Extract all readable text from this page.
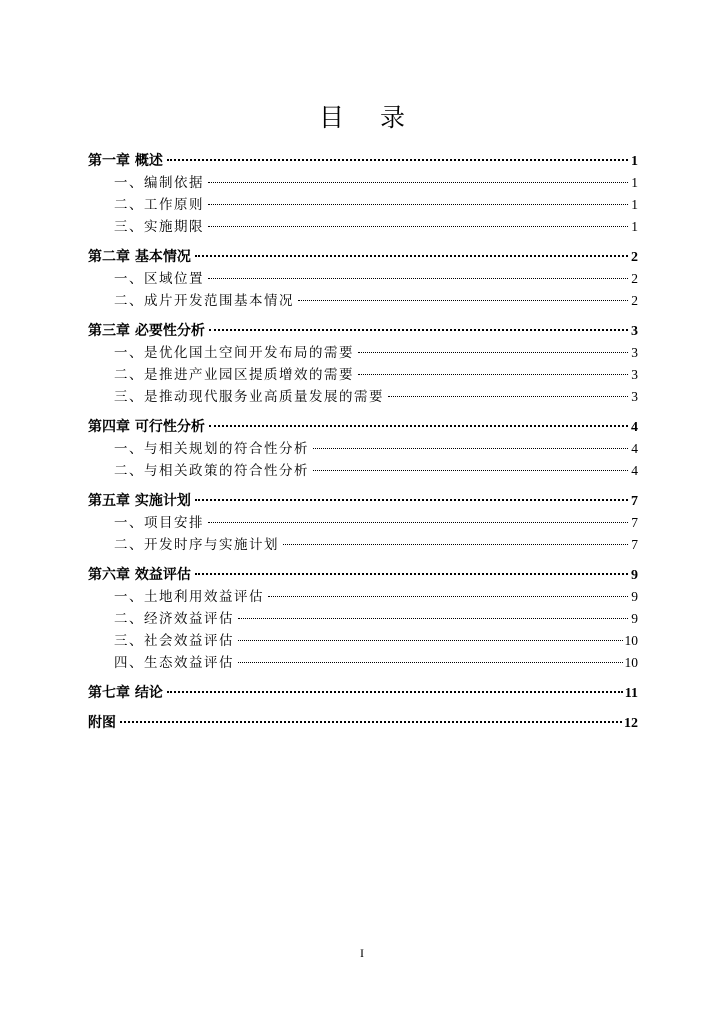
目 录
第一章 概述	1
一、编制依据	1
二、工作原则	1
三、实施期限	1
第二章 基本情况	2
一、区域位置	2
二、成片开发范围基本情况	2
第三章 必要性分析	3
一、是优化国土空间开发布局的需要	3
二、是推进产业园区提质增效的需要	3
三、是推动现代服务业高质量发展的需要	3
第四章 可行性分析	4
一、与相关规划的符合性分析	4
二、与相关政策的符合性分析	4
第五章 实施计划	7
一、项目安排	7
二、开发时序与实施计划	7
第六章 效益评估	9
一、土地利用效益评估	9
二、经济效益评估	9
三、社会效益评估	10
四、生态效益评估	10
第七章 结论	11
附图	12
I
